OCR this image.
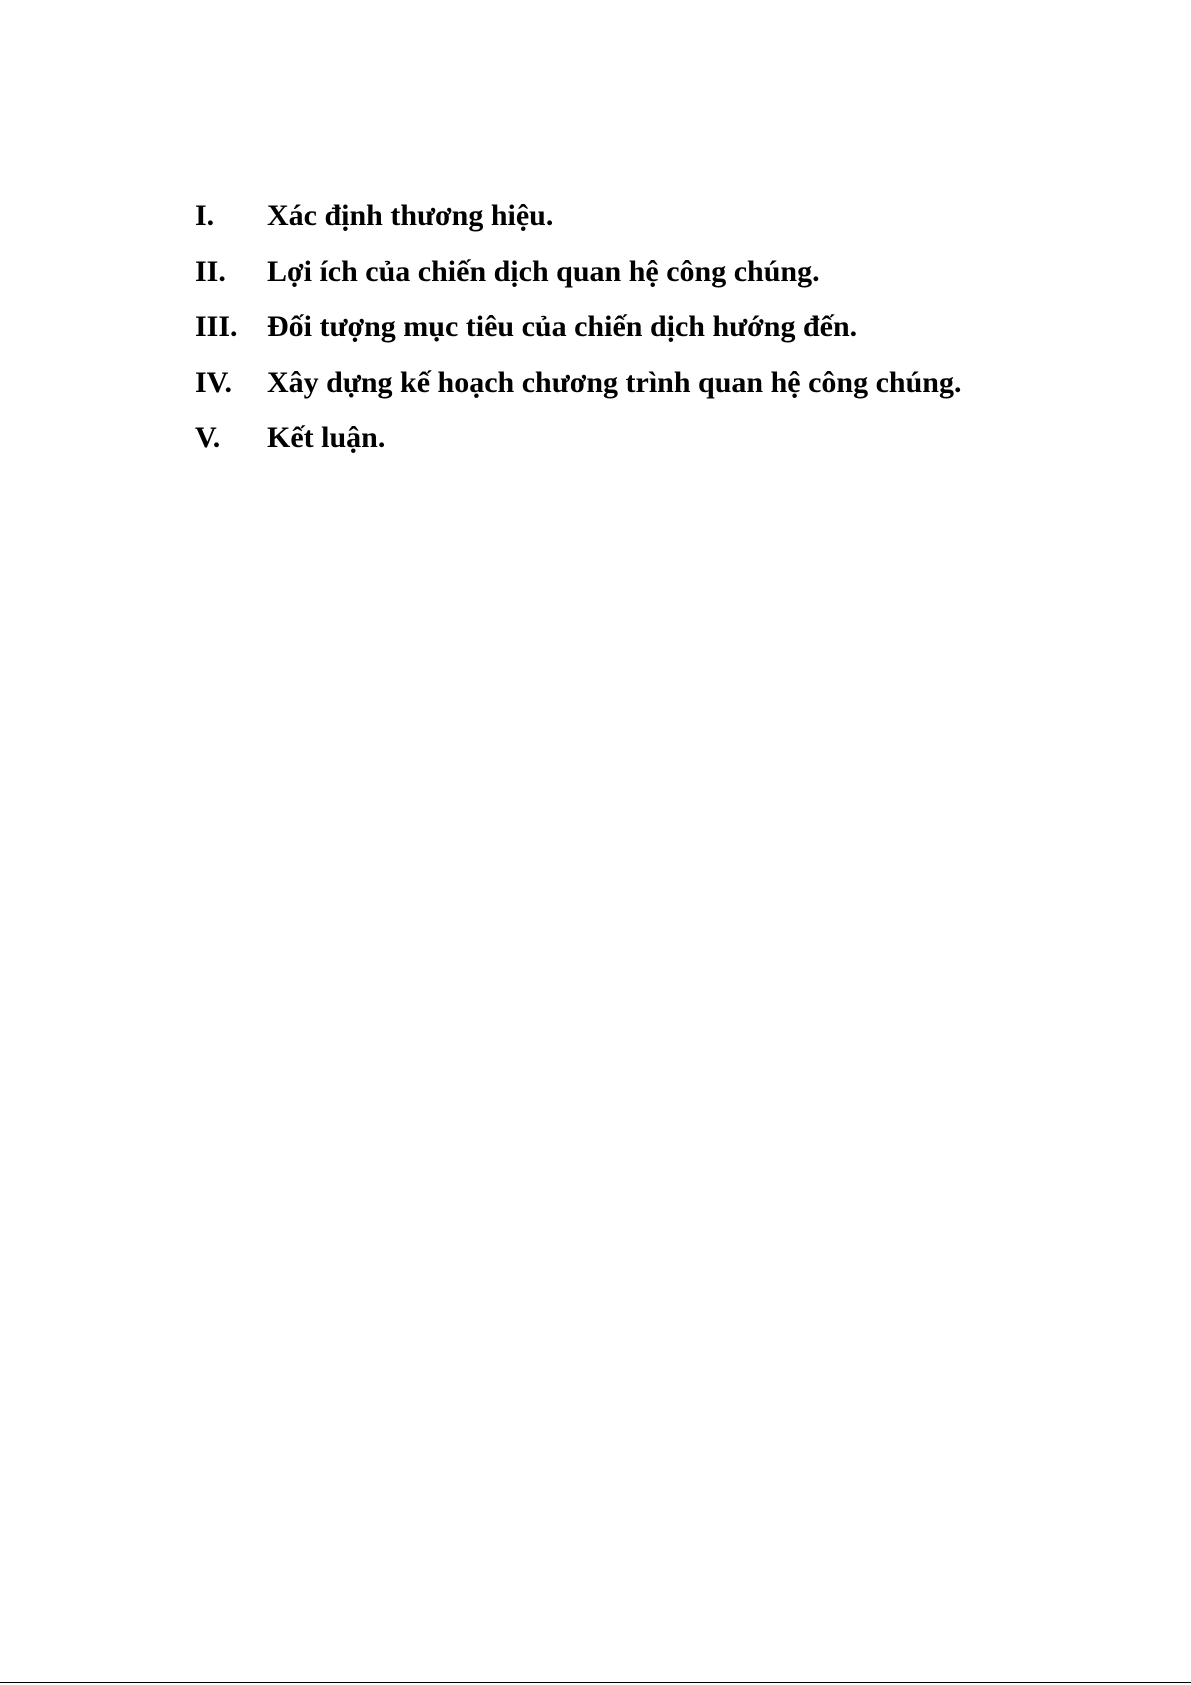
I. Xác định thương hiệu.
II. Lợi ích của chiến dịch quan hệ công chúng.
III. Đối tượng mục tiêu của chiến dịch hướng đến.
IV. Xây dựng kế hoạch chương trình quan hệ công chúng.
V. Kết luận.
